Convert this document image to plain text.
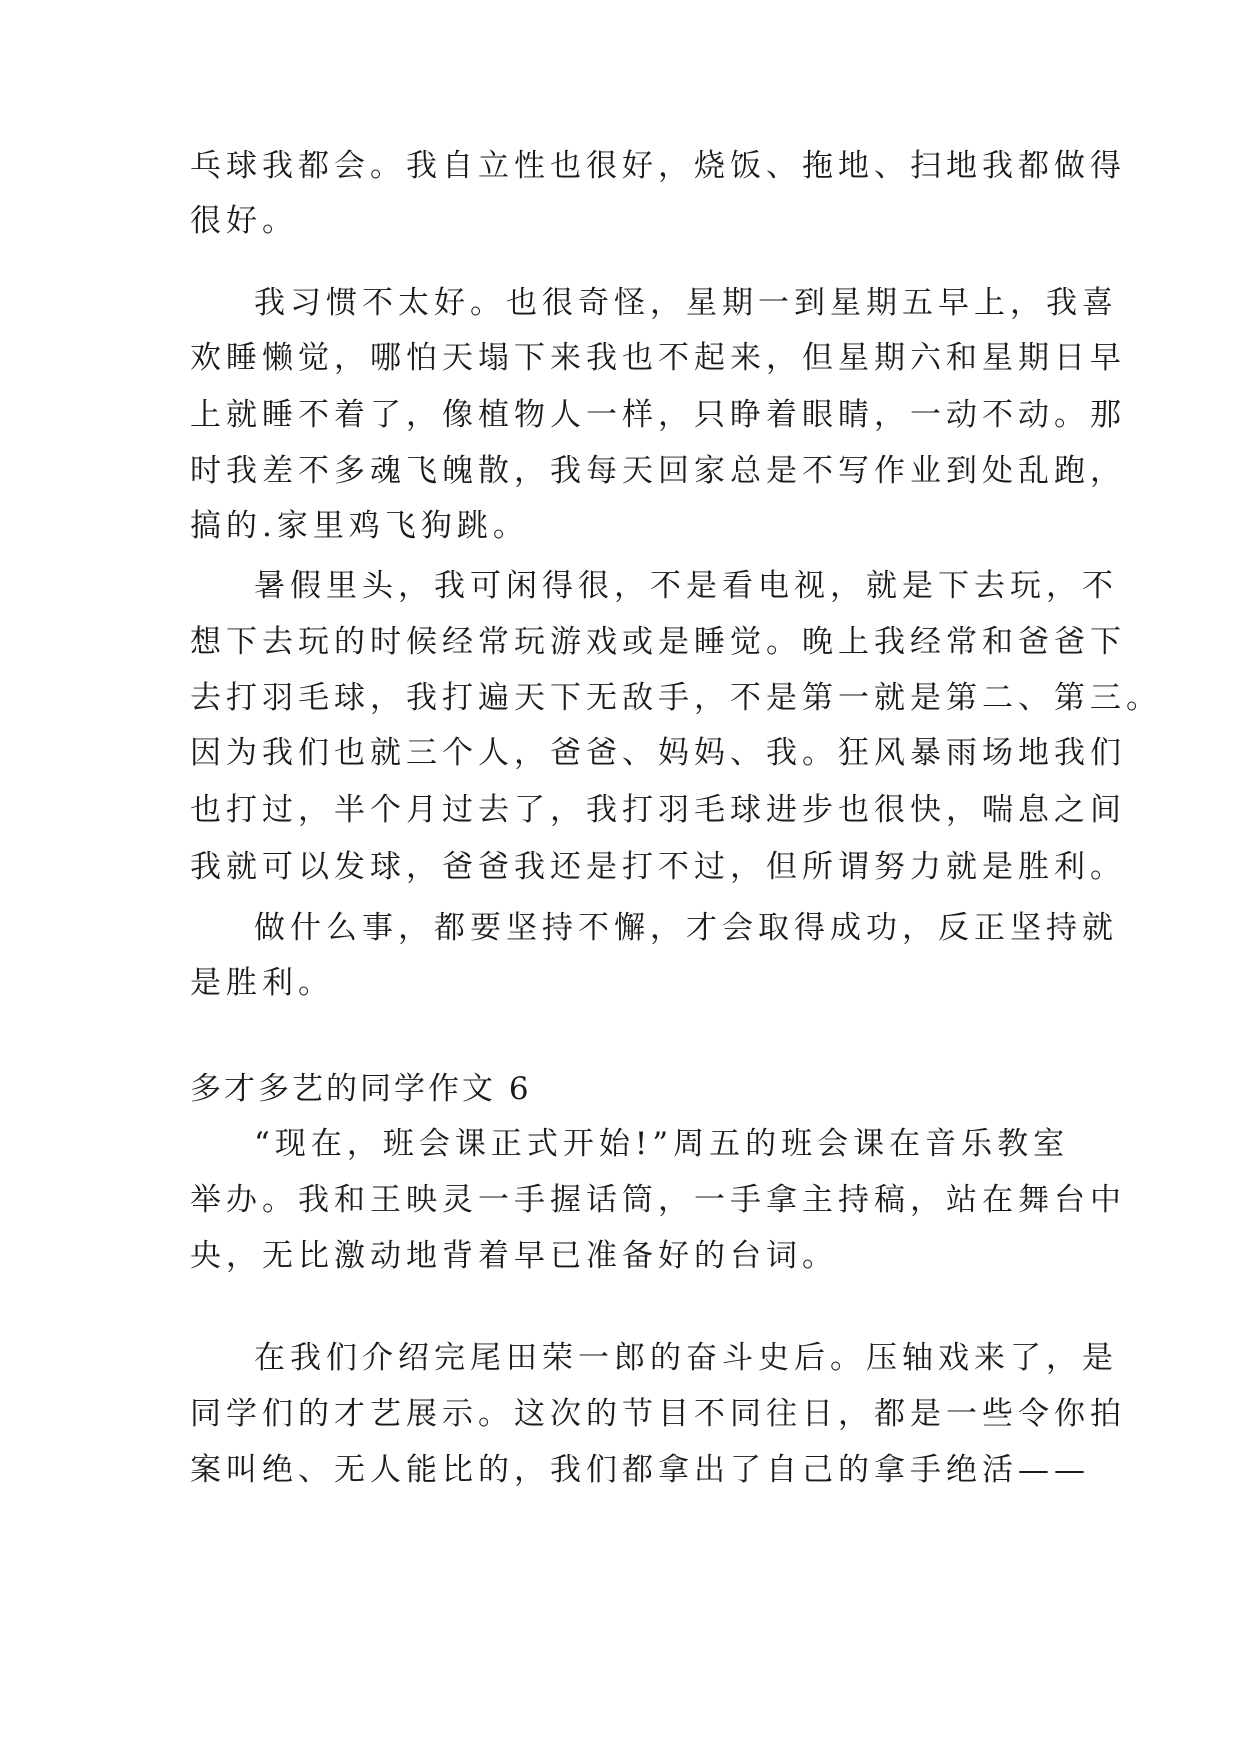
乓球我都会。我自立性也很好，烧饭、拖地、扫地我都做得
很好。
我习惯不太好。也很奇怪，星期一到星期五早上，我喜
欢睡懒觉，哪怕天塌下来我也不起来，但星期六和星期日早
上就睡不着了，像植物人一样，只睁着眼睛，一动不动。那
时我差不多魂飞魄散，我每天回家总是不写作业到处乱跑，
搞的.家里鸡飞狗跳。
暑假里头，我可闲得很，不是看电视，就是下去玩，不
想下去玩的时候经常玩游戏或是睡觉。晚上我经常和爸爸下
去打羽毛球，我打遍天下无敌手，不是第一就是第二、第三。
因为我们也就三个人，爸爸、妈妈、我。狂风暴雨场地我们
也打过，半个月过去了，我打羽毛球进步也很快，喘息之间
我就可以发球，爸爸我还是打不过，但所谓努力就是胜利。
做什么事，都要坚持不懈，才会取得成功，反正坚持就
是胜利。
多才多艺的同学作文 6
“现在，班会课正式开始!”周五的班会课在音乐教室
举办。我和王映灵一手握话筒，一手拿主持稿，站在舞台中
央，无比激动地背着早已准备好的台词。
在我们介绍完尾田荣一郎的奋斗史后。压轴戏来了，是
同学们的才艺展示。这次的节目不同往日，都是一些令你拍
案叫绝、无人能比的，我们都拿出了自己的拿手绝活——
